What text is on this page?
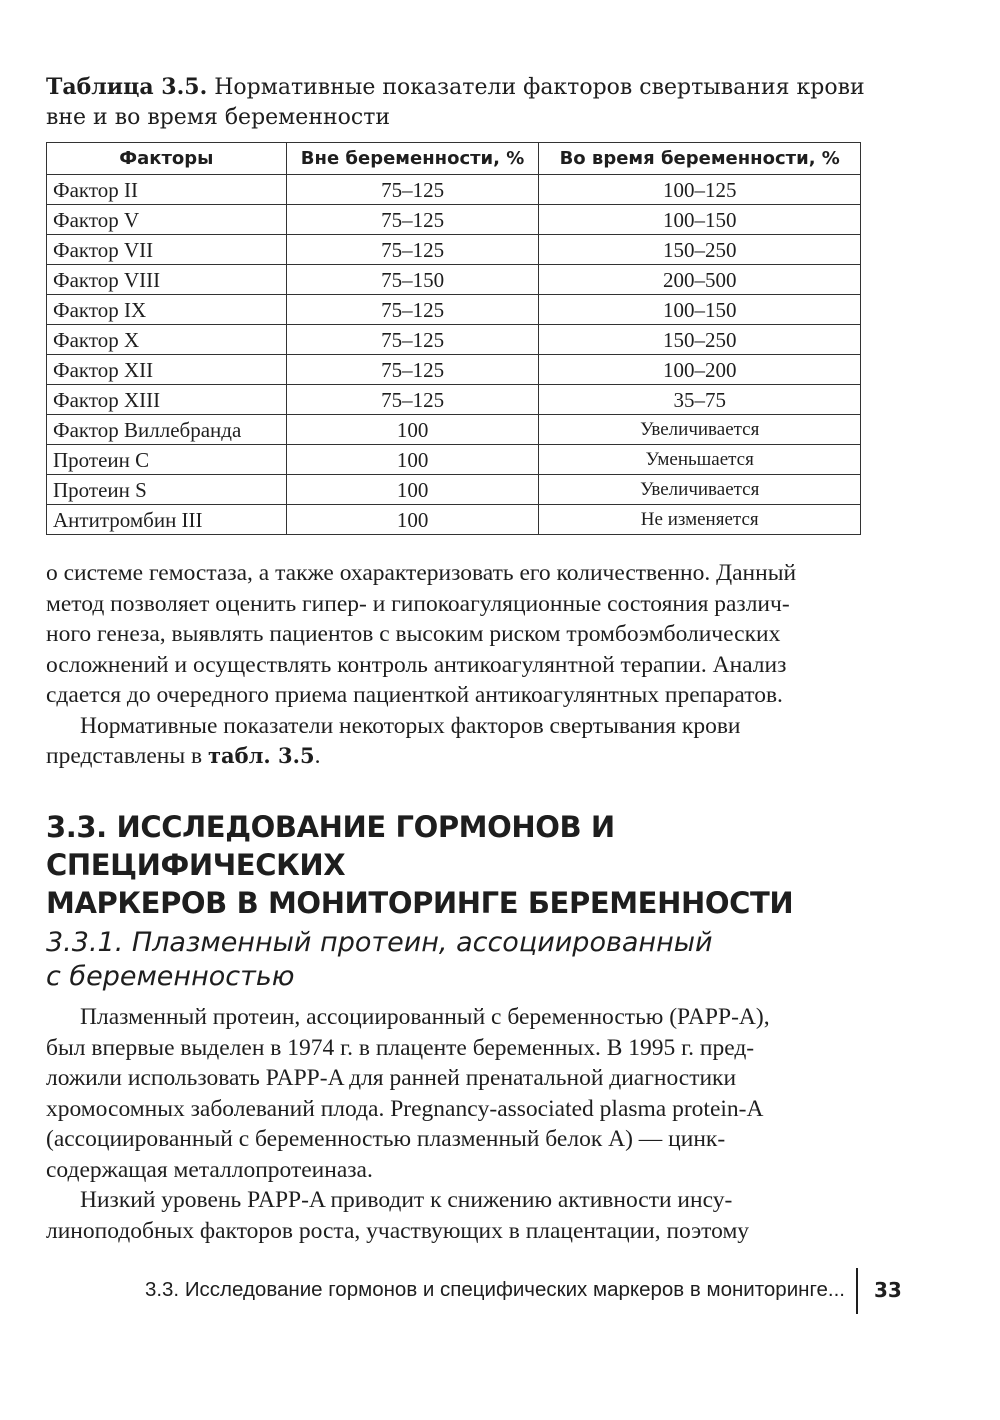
Таблица 3.5. Нормативные показатели факторов свертывания крови
вне и во время беременности
Факторы	Вне беременности, %	Во время беременности, %
Фактор II	75–125	100–125
Фактор V	75–125	100–150
Фактор VII	75–125	150–250
Фактор VIII	75–150	200–500
Фактор IX	75–125	100–150
Фактор X	75–125	150–250
Фактор XII	75–125	100–200
Фактор XIII	75–125	35–75
Фактор Виллебранда	100	Увеличивается
Протеин C	100	Уменьшается
Протеин S	100	Увеличивается
Антитромбин III	100	Не изменяется

о системе гемостаза, а также охарактеризовать его количественно. Данный

метод позволяет оценить гипер- и гипокоагуляционные состояния различ-

ного генеза, выявлять пациентов с высоким риском тромбоэмболических

осложнений и осуществлять контроль антикоагулянтной терапии. Анализ

сдается до очередного приема пациенткой антикоагулянтных препаратов.

Нормативные показатели некоторых факторов свертывания крови

представлены в табл. 3.5.

3.3. ИССЛЕДОВАНИЕ ГОРМОНОВ И СПЕЦИФИЧЕСКИХ
МАРКЕРОВ В МОНИТОРИНГЕ БЕРЕМЕННОСТИ
3.3.1. Плазменный протеин, ассоциированный
с беременностью

Плазменный протеин, ассоциированный с беременностью (PAPP-A),

был впервые выделен в 1974 г. в плаценте беременных. В 1995 г. пред-

ложили использовать PAPP-A для ранней пренатальной диагностики

хромосомных заболеваний плода. Pregnancy-associated plasma protein-A

(ассоциированный с беременностью плазменный белок A) — цинк-

содержащая металлопротеиназа.

Низкий уровень PAPP-A приводит к снижению активности инсу-

линоподобных факторов роста, участвующих в плацентации, поэтому

3.3. Исследование гормонов и специфических маркеров в мониторинге... 33
